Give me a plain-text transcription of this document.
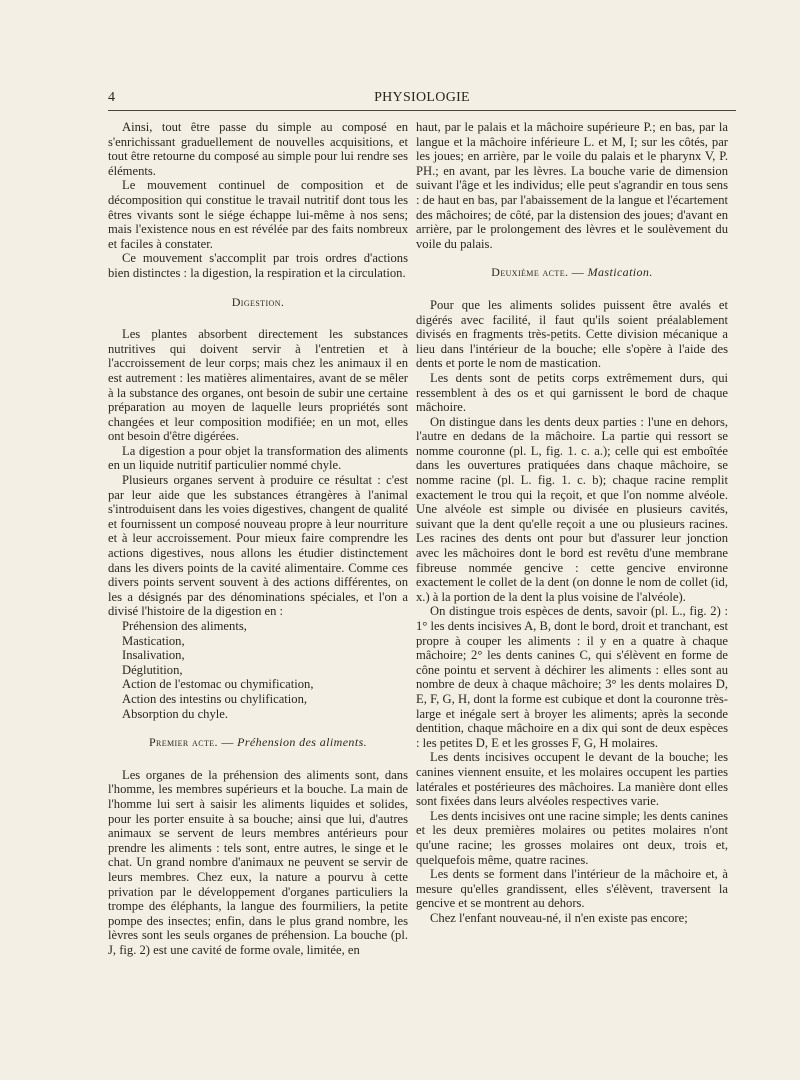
4	PHYSIOLOGIE

Ainsi, tout être passe du simple au composé en s'enrichissant graduellement de nouvelles acquisitions, et tout être retourne du composé au simple pour lui rendre ses éléments.

Le mouvement continuel de composition et de décomposition qui constitue le travail nutritif dont tous les êtres vivants sont le siége échappe lui-même à nos sens; mais l'existence nous en est révélée par des faits nombreux et faciles à constater.

Ce mouvement s'accomplit par trois ordres d'actions bien distinctes : la digestion, la respiration et la circulation.

Digestion.

Les plantes absorbent directement les substances nutritives qui doivent servir à l'entretien et à l'accroissement de leur corps; mais chez les animaux il en est autrement : les matières alimentaires, avant de se mêler à la substance des organes, ont besoin de subir une certaine préparation au moyen de laquelle leurs propriétés sont changées et leur composition modifiée; en un mot, elles ont besoin d'être digérées.

La digestion a pour objet la transformation des aliments en un liquide nutritif particulier nommé chyle.

Plusieurs organes servent à produire ce résultat : c'est par leur aide que les substances étrangères à l'animal s'introduisent dans les voies digestives, changent de qualité et fournissent un composé nouveau propre à leur nourriture et à leur accroissement. Pour mieux faire comprendre les actions digestives, nous allons les étudier distinctement dans les divers points de la cavité alimentaire. Comme ces divers points servent souvent à des actions différentes, on les a désignés par des dénominations spéciales, et l'on a divisé l'histoire de la digestion en :

Préhension des aliments,
Mastication,
Insalivation,
Déglutition,
Action de l'estomac ou chymification,
Action des intestins ou chylification,
Absorption du chyle.
Premier acte. — Préhension des aliments.

Les organes de la préhension des aliments sont, dans l'homme, les membres supérieurs et la bouche. La main de l'homme lui sert à saisir les aliments liquides et solides, pour les porter ensuite à sa bouche; ainsi que lui, d'autres animaux se servent de leurs membres antérieurs pour prendre les aliments : tels sont, entre autres, le singe et le chat. Un grand nombre d'animaux ne peuvent se servir de leurs membres. Chez eux, la nature a pourvu à cette privation par le développement d'organes particuliers la trompe des éléphants, la langue des fourmiliers, la petite pompe des insectes; enfin, dans le plus grand nombre, les lèvres sont les seuls organes de préhension. La bouche (pl. J, fig. 2) est une cavité de forme ovale, limitée, en

haut, par le palais et la mâchoire supérieure P.; en bas, par la langue et la mâchoire inférieure L. et M, I; sur les côtés, par les joues; en arrière, par le voile du palais et le pharynx V, P. PH.; en avant, par les lèvres. La bouche varie de dimension suivant l'âge et les individus; elle peut s'agrandir en tous sens : de haut en bas, par l'abaissement de la langue et l'écartement des mâchoires; de côté, par la distension des joues; d'avant en arrière, par le prolongement des lèvres et le soulèvement du voile du palais.

Deuxième acte. — Mastication.

Pour que les aliments solides puissent être avalés et digérés avec facilité, il faut qu'ils soient préalablement divisés en fragments très-petits. Cette division mécanique a lieu dans l'intérieur de la bouche; elle s'opère à l'aide des dents et porte le nom de mastication.

Les dents sont de petits corps extrêmement durs, qui ressemblent à des os et qui garnissent le bord de chaque mâchoire.

On distingue dans les dents deux parties : l'une en dehors, l'autre en dedans de la mâchoire. La partie qui ressort se nomme couronne (pl. L, fig. 1. c. a.); celle qui est emboîtée dans les ouvertures pratiquées dans chaque mâchoire, se nomme racine (pl. L. fig. 1. c. b); chaque racine remplit exactement le trou qui la reçoit, et que l'on nomme alvéole. Une alvéole est simple ou divisée en plusieurs cavités, suivant que la dent qu'elle reçoit a une ou plusieurs racines. Les racines des dents ont pour but d'assurer leur jonction avec les mâchoires dont le bord est revêtu d'une membrane fibreuse nommée gencive : cette gencive environne exactement le collet de la dent (on donne le nom de collet (id, x.) à la portion de la dent la plus voisine de l'alvéole).

On distingue trois espèces de dents, savoir (pl. L., fig. 2) : 1° les dents incisives A, B, dont le bord, droit et tranchant, est propre à couper les aliments : il y en a quatre à chaque mâchoire; 2° les dents canines C, qui s'élèvent en forme de cône pointu et servent à déchirer les aliments : elles sont au nombre de deux à chaque mâchoire; 3° les dents molaires D, E, F, G, H, dont la forme est cubique et dont la couronne très-large et inégale sert à broyer les aliments; après la seconde dentition, chaque mâchoire en a dix qui sont de deux espèces : les petites D, E et les grosses F, G, H molaires.

Les dents incisives occupent le devant de la bouche; les canines viennent ensuite, et les molaires occupent les parties latérales et postérieures des mâchoires. La manière dont elles sont fixées dans leurs alvéoles respectives varie.

Les dents incisives ont une racine simple; les dents canines et les deux premières molaires ou petites molaires n'ont qu'une racine; les grosses molaires ont deux, trois et, quelquefois même, quatre racines.

Les dents se forment dans l'intérieur de la mâchoire et, à mesure qu'elles grandissent, elles s'élèvent, traversent la gencive et se montrent au dehors.

Chez l'enfant nouveau-né, il n'en existe pas encore;
